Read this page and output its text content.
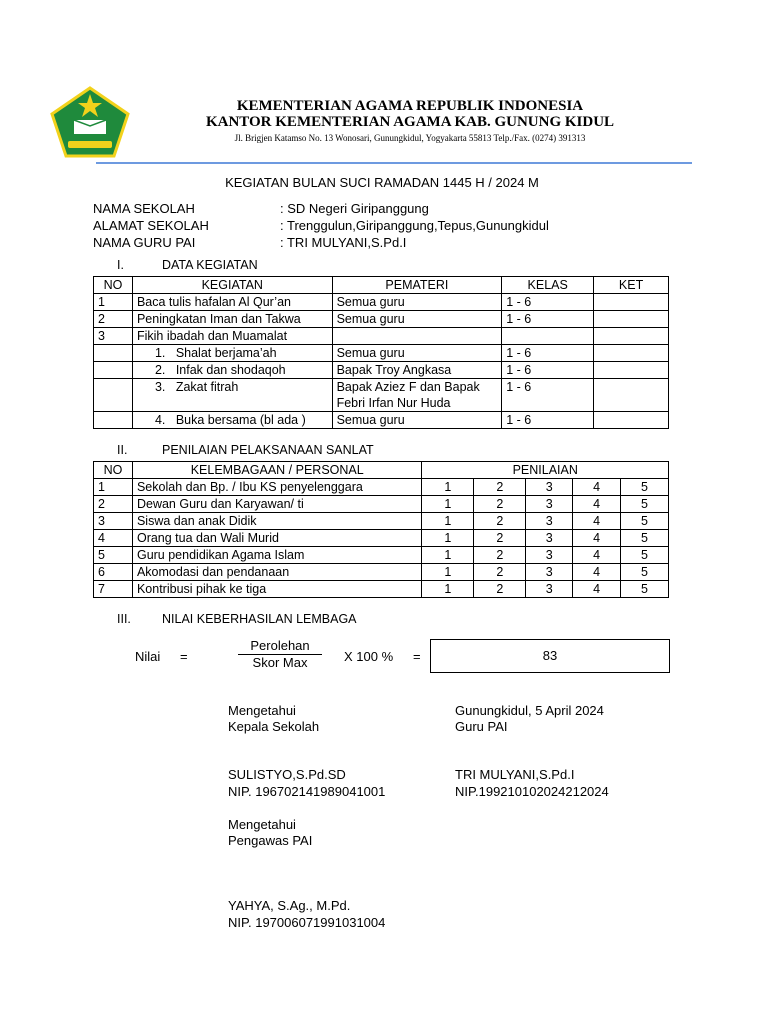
KEMENTERIAN AGAMA REPUBLIK INDONESIA
KANTOR KEMENTERIAN AGAMA KAB. GUNUNG KIDUL
Jl. Brigjen Katamso No. 13 Wonosari, Gunungkidul, Yogyakarta 55813 Telp./Fax. (0274) 391313
KEGIATAN BULAN SUCI RAMADAN 1445 H / 2024 M
NAMA SEKOLAH	: SD Negeri Giripanggung
ALAMAT SEKOLAH	: Trenggulun,Giripanggung,Tepus,Gunungkidul
NAMA GURU PAI	: TRI MULYANI,S.Pd.I
I.	DATA KEGIATAN
NO	KEGIATAN	PEMATERI	KELAS	KET
1	Baca tulis hafalan Al Qur’an	Semua guru	1 - 6	
2	Peningkatan Iman dan Takwa	Semua guru	1 - 6	
3	Fikih ibadah dan Muamalat			
	1. Shalat berjama’ah	Semua guru	1 - 6	
	2. Infak dan shodaqoh	Bapak Troy Angkasa	1 - 6	
	3. Zakat fitrah	Bapak Aziez F dan Bapak
Febri Irfan Nur Huda	1 - 6	
	4. Buka bersama (bl ada )	Semua guru	1 - 6	
II.	PENILAIAN PELAKSANAAN SANLAT
NO	KELEMBAGAAN / PERSONAL	PENILAIAN				
1	Sekolah dan Bp. / Ibu KS penyelenggara	1	2	3	4	5
2	Dewan Guru dan Karyawan/ ti	1	2	3	4	5
3	Siswa dan anak Didik	1	2	3	4	5
4	Orang tua dan Wali Murid	1	2	3	4	5
5	Guru pendidikan Agama Islam	1	2	3	4	5
6	Akomodasi dan pendanaan	1	2	3	4	5
7	Kontribusi pihak ke tiga	1	2	3	4	5
III. NILAI KEBERHASILAN LEMBAGA
Nilai =
Perolehan
Skor Max	X 100 % =	83
Mengetahui
Kepala Sekolah
SULISTYO,S.Pd.SD
NIP. 196702141989041001
Gunungkidul, 5 April 2024
Guru PAI
TRI MULYANI,S.Pd.I
NIP.199210102024212024
Mengetahui
Pengawas PAI
YAHYA, S.Ag., M.Pd.
NIP. 197006071991031004
